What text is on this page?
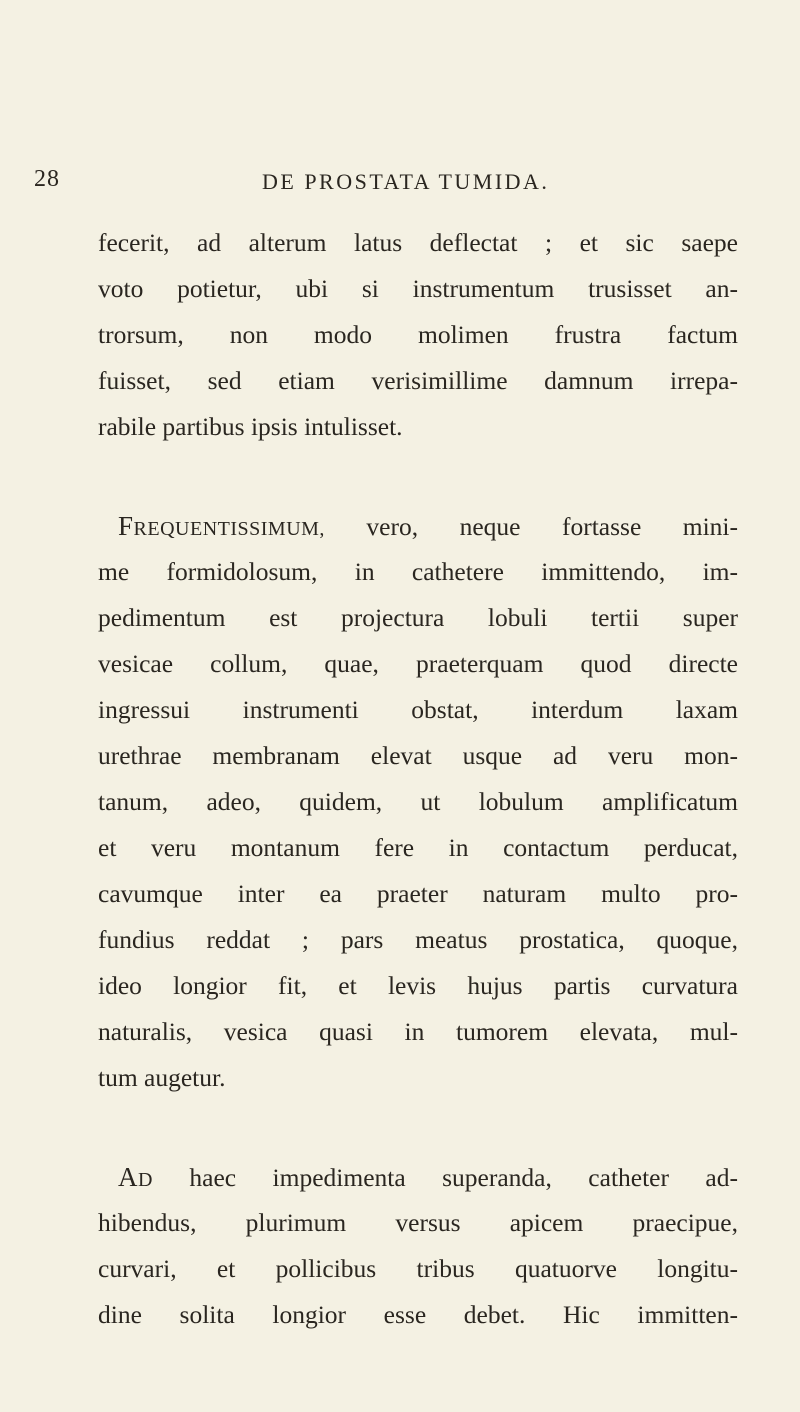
28	DE PROSTATA TUMIDA.
fecerit, ad alterum latus deflectat ; et sic saepe
voto potietur, ubi si instrumentum trusisset an-
trorsum, non modo molimen frustra factum
fuisset, sed etiam verisimillime damnum irrepa-
rabile partibus ipsis intulisset.
FREQUENTISSIMUM, vero, neque fortasse mini-
me formidolosum, in cathetere immittendo, im-
pedimentum est projectura lobuli tertii super
vesicae collum, quae, praeterquam quod directe
ingressui instrumenti obstat, interdum laxam
urethrae membranam elevat usque ad veru mon-
tanum, adeo, quidem, ut lobulum amplificatum
et veru montanum fere in contactum perducat,
cavumque inter ea praeter naturam multo pro-
fundius reddat ; pars meatus prostatica, quoque,
ideo longior fit, et levis hujus partis curvatura
naturalis, vesica quasi in tumorem elevata, mul-
tum augetur.
AD haec impedimenta superanda, catheter ad-
hibendus, plurimum versus apicem praecipue,
curvari, et pollicibus tribus quatuorve longitu-
dine solita longior esse debet. Hic immitten-
